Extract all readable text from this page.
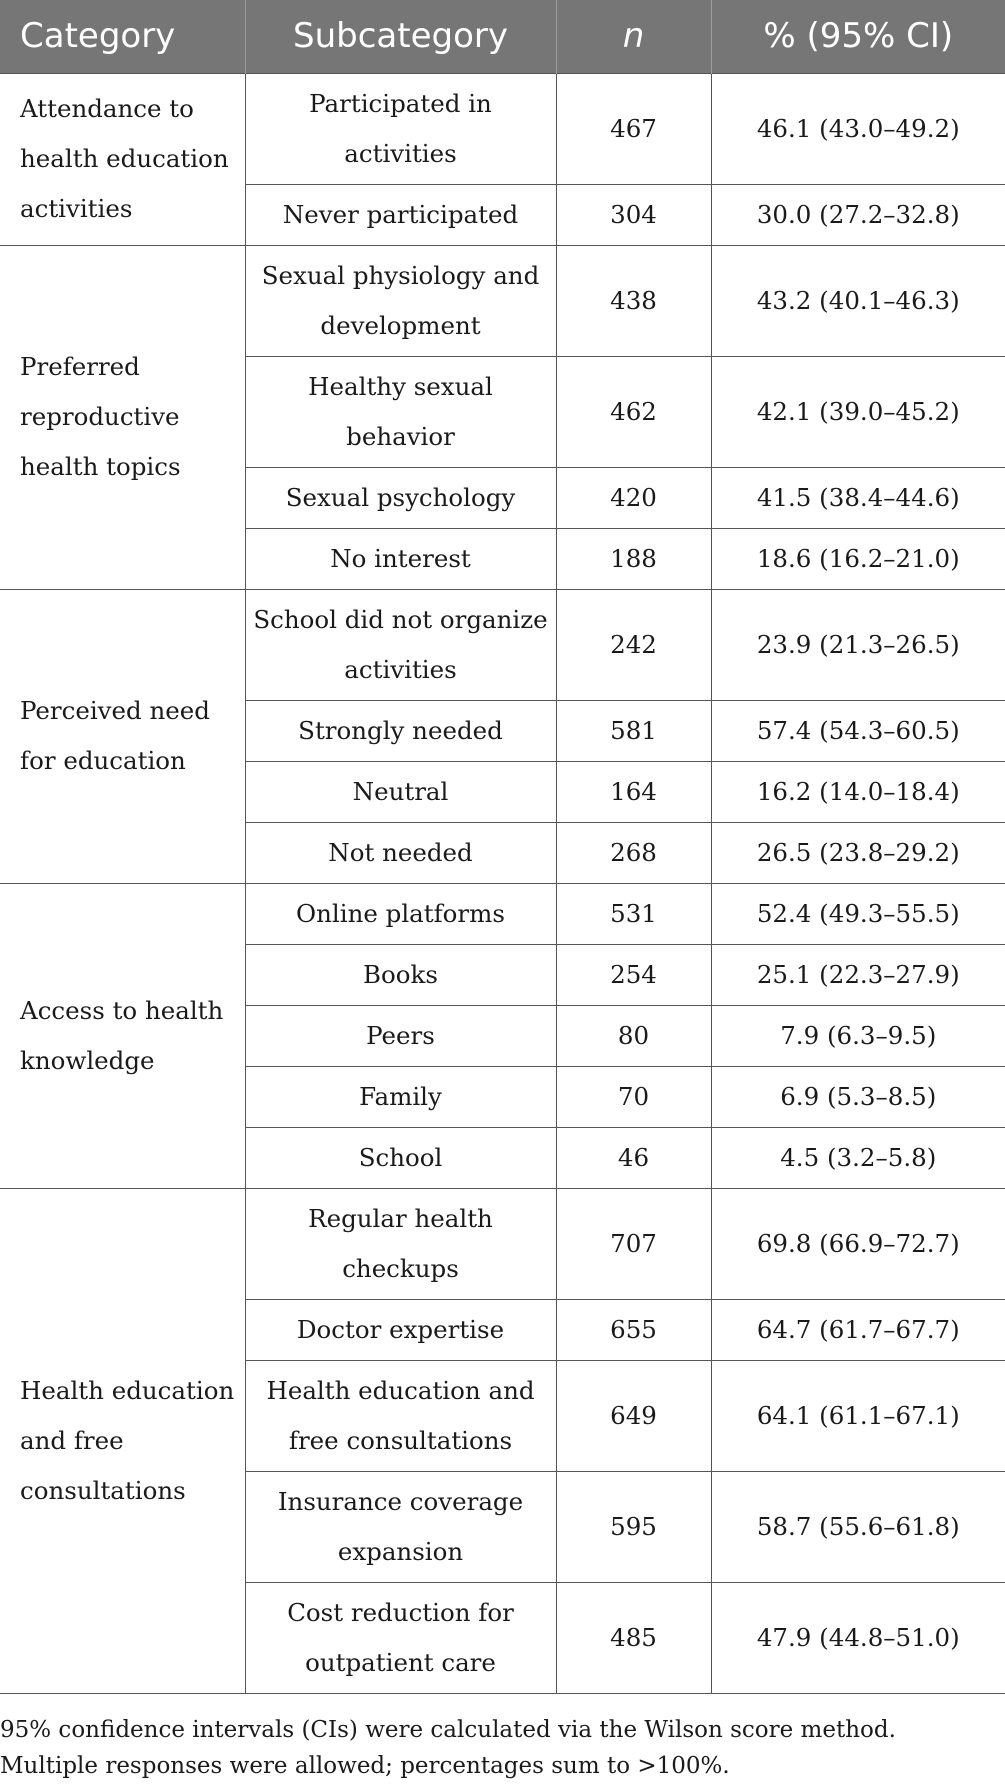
Category	Subcategory	n	% (95% CI)
Attendance to health education activities	Participated in activities	467	46.1 (43.0–49.2)
	Never participated	304	30.0 (27.2–32.8)
Preferred reproductive health topics	Sexual physiology and development	438	43.2 (40.1–46.3)
	Healthy sexual behavior	462	42.1 (39.0–45.2)
	Sexual psychology	420	41.5 (38.4–44.6)
	No interest	188	18.6 (16.2–21.0)
Perceived need for education	School did not organize activities	242	23.9 (21.3–26.5)
	Strongly needed	581	57.4 (54.3–60.5)
	Neutral	164	16.2 (14.0–18.4)
	Not needed	268	26.5 (23.8–29.2)
Access to health knowledge	Online platforms	531	52.4 (49.3–55.5)
	Books	254	25.1 (22.3–27.9)
	Peers	80	7.9 (6.3–9.5)
	Family	70	6.9 (5.3–8.5)
	School	46	4.5 (3.2–5.8)
Health education and free consultations	Regular health checkups	707	69.8 (66.9–72.7)
	Doctor expertise	655	64.7 (61.7–67.7)
	Health education and free consultations	649	64.1 (61.1–67.1)
	Insurance coverage expansion	595	58.7 (55.6–61.8)
	Cost reduction for outpatient care	485	47.9 (44.8–51.0)
95% confidence intervals (CIs) were calculated via the Wilson score method. Multiple responses were allowed; percentages sum to >100%.
